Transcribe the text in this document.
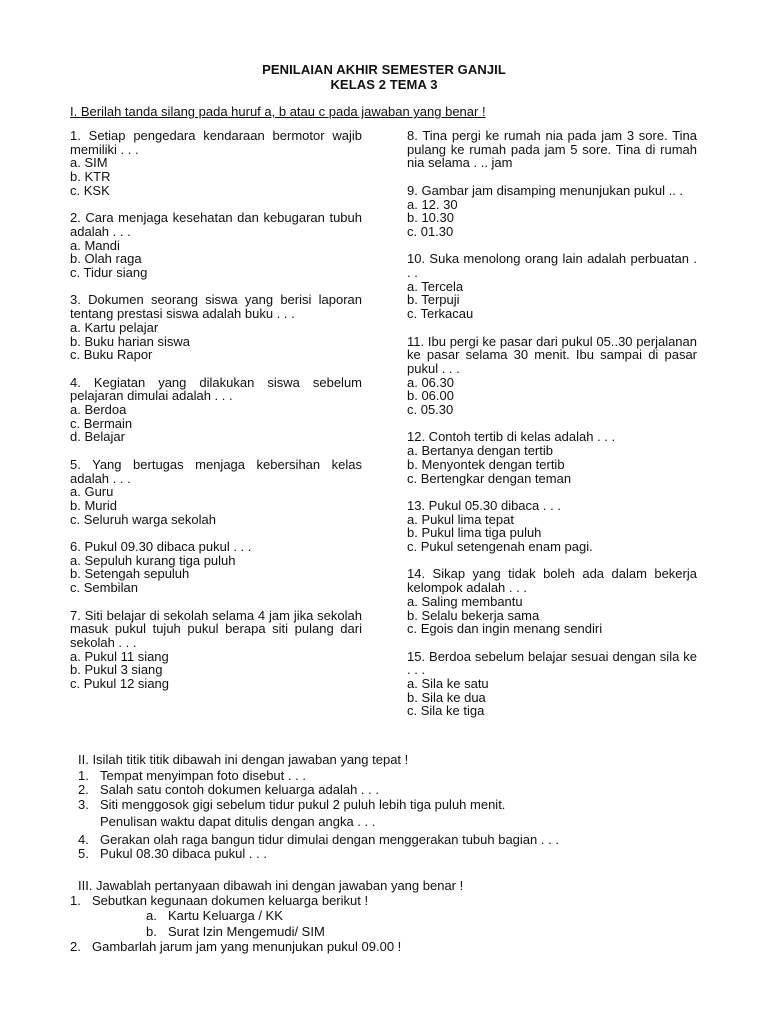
PENILAIAN AKHIR SEMESTER GANJIL
KELAS 2 TEMA 3
I. Berilah tanda silang pada huruf a, b atau c pada jawaban yang benar !
1. Setiap pengedara kendaraan bermotor wajib memiliki . . .
a. SIM
b. KTR
c. KSK
2. Cara menjaga kesehatan dan kebugaran tubuh adalah . . .
a. Mandi
b. Olah raga
c. Tidur siang
3. Dokumen seorang siswa yang berisi laporan tentang prestasi siswa adalah buku . . .
a. Kartu pelajar
b. Buku harian siswa
c. Buku Rapor
4. Kegiatan yang dilakukan siswa sebelum pelajaran dimulai adalah . . .
a. Berdoa
c. Bermain
d. Belajar
5. Yang bertugas menjaga kebersihan kelas adalah . . .
a. Guru
b. Murid
c. Seluruh warga sekolah
6. Pukul 09.30 dibaca pukul . . .
a. Sepuluh kurang tiga puluh
b. Setengah sepuluh
c. Sembilan
7. Siti belajar di sekolah selama 4 jam jika sekolah masuk pukul tujuh pukul berapa siti pulang dari sekolah . . .
a. Pukul 11 siang
b. Pukul 3 siang
c. Pukul 12 siang
8. Tina pergi ke rumah nia pada jam 3 sore. Tina pulang ke rumah pada jam 5 sore. Tina di rumah nia selama . .. jam
9. Gambar jam disamping menunjukan pukul .. .
a. 12. 30
b. 10.30
c. 01.30
10. Suka menolong orang lain adalah perbuatan . . .
a. Tercela
b. Terpuji
c. Terkacau
11. Ibu pergi ke pasar dari pukul 05..30 perjalanan ke pasar selama 30 menit. Ibu sampai di pasar pukul . . .
a. 06.30
b. 06.00
c. 05.30
12. Contoh tertib di kelas adalah . . .
a. Bertanya dengan tertib
b. Menyontek dengan tertib
c. Bertengkar dengan teman
13. Pukul 05.30 dibaca . . .
a. Pukul lima tepat
b. Pukul lima tiga puluh
c. Pukul setengenah enam pagi.
14. Sikap yang tidak boleh ada dalam bekerja kelompok adalah . . .
a. Saling membantu
b. Selalu bekerja sama
c. Egois dan ingin menang sendiri
15. Berdoa sebelum belajar sesuai dengan sila ke . . .
a. Sila ke satu
b. Sila ke dua
c. Sila ke tiga
II. Isilah titik titik dibawah ini dengan jawaban yang tepat !
1. Tempat menyimpan foto disebut . . .
2. Salah satu contoh dokumen keluarga adalah . . .
3. Siti menggosok gigi sebelum tidur pukul 2 puluh lebih tiga puluh menit.
Penulisan waktu dapat ditulis dengan angka . . .
4. Gerakan olah raga bangun tidur dimulai dengan menggerakan tubuh bagian . . .
5. Pukul 08.30 dibaca pukul . . .
III. Jawablah pertanyaan dibawah ini dengan jawaban yang benar !
1. Sebutkan kegunaan dokumen keluarga berikut !
a. Kartu Keluarga / KK
b. Surat Izin Mengemudi/ SIM
2. Gambarlah jarum jam yang menunjukan pukul 09.00 !
